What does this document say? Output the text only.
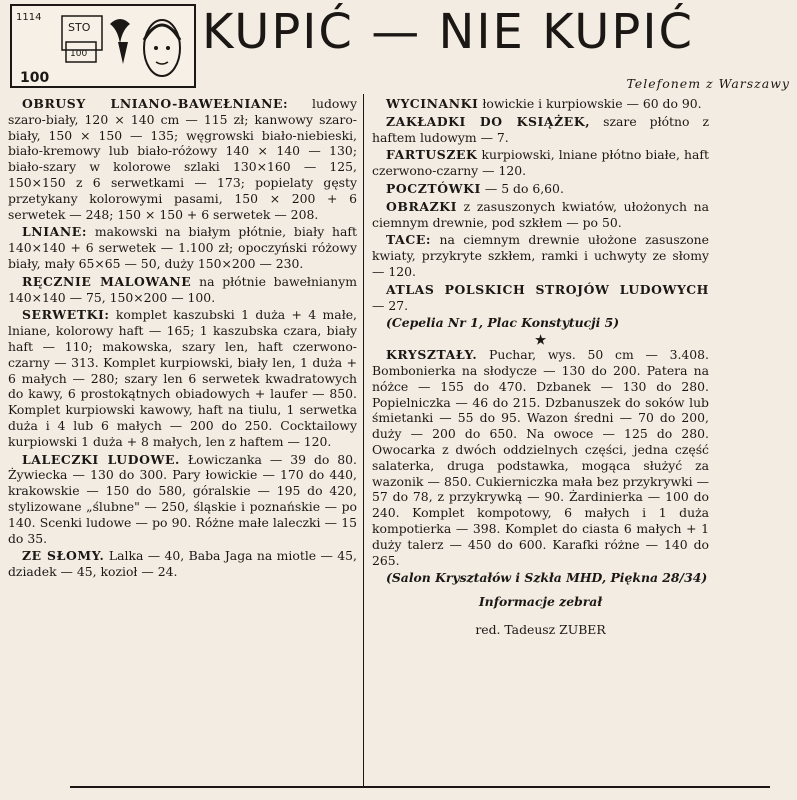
STO
100
1114
100
KUPIĆ — NIE KUPIĆ
Telefonem z Warszawy

OBRUSY LNIANO-BAWEŁNIANE: ludowy szaro-biały, 120 × 140 cm — 115 zł; kanwowy szaro-biały, 150 × 150 — 135; węgrowski biało-niebieski, biało-kremowy lub biało-różowy 140 × 140 — 130; biało-szary w kolorowe szlaki 130×160 — 125, 150×150 z 6 serwetkami — 173; popielaty gęsty przetykany kolorowymi pasami, 150 × 200 + 6 serwetek — 248; 150 × 150 + 6 serwetek — 208.

LNIANE: makowski na białym płótnie, biały haft 140×140 + 6 serwetek — 1.100 zł; opoczyński różowy biały, mały 65×65 — 50, duży 150×200 — 230.

RĘCZNIE MALOWANE na płótnie bawełnianym 140×140 — 75, 150×200 — 100.

SERWETKI: komplet kaszubski 1 duża + 4 małe, lniane, kolorowy haft — 165; 1 kaszubska czara, biały haft — 110; makowska, szary len, haft czerwono-czarny — 313. Komplet kurpiowski, biały len, 1 duża + 6 małych — 280; szary len 6 serwetek kwadratowych do kawy, 6 prostokątnych obiadowych + laufer — 850. Komplet kurpiowski kawowy, haft na tiulu, 1 serwetka duża i 4 lub 6 małych — 200 do 250. Cocktailowy kurpiowski 1 duża + 8 małych, len z haftem — 120.

LALECZKI LUDOWE. Łowiczanka — 39 do 80. Żywiecka — 130 do 300. Pary łowickie — 170 do 440, krakowskie — 150 do 580, góralskie — 195 do 420, stylizowane „ślubne" — 250, śląskie i poznańskie — po 140. Scenki ludowe — po 90. Różne małe laleczki — 15 do 35.

ZE SŁOMY. Lalka — 40, Baba Jaga na miotle — 45, dziadek — 45, kozioł — 24.

WYCINANKI łowickie i kurpiowskie — 60 do 90.

ZAKŁADKI DO KSIĄŻEK, szare płótno z haftem ludowym — 7.

FARTUSZEK kurpiowski, lniane płótno białe, haft czerwono-czarny — 120.

POCZTÓWKI — 5 do 6,60.

OBRAZKI z zasuszonych kwiatów, ułożonych na ciemnym drewnie, pod szkłem — po 50.

TACE: na ciemnym drewnie ułożone zasuszone kwiaty, przykryte szkłem, ramki i uchwyty ze słomy — 120.

ATLAS POLSKICH STROJÓW LUDOWYCH — 27.

(Cepelia Nr 1, Plac Konstytucji 5)

★

KRYSZTAŁY. Puchar, wys. 50 cm — 3.408. Bombonierka na słodycze — 130 do 200. Patera na nóżce — 155 do 470. Dzbanek — 130 do 280. Popielniczka — 46 do 215. Dzbanuszek do soków lub śmietanki — 55 do 95. Wazon średni — 70 do 200, duży — 200 do 650. Na owoce — 125 do 280. Owocarka z dwóch oddzielnych części, jedna część salaterka, druga podstawka, mogąca służyć za wazonik — 850. Cukierniczka mała bez przykrywki — 57 do 78, z przykrywką — 90. Żardinierka — 100 do 240. Komplet kompotowy, 6 małych i 1 duża kompotierka — 398. Komplet do ciasta 6 małych + 1 duży talerz — 450 do 600. Karafki różne — 140 do 265.

(Salon Kryształów i Szkła MHD, Piękna 28/34)

Informacje zebrał

red. Tadeusz ZUBER
